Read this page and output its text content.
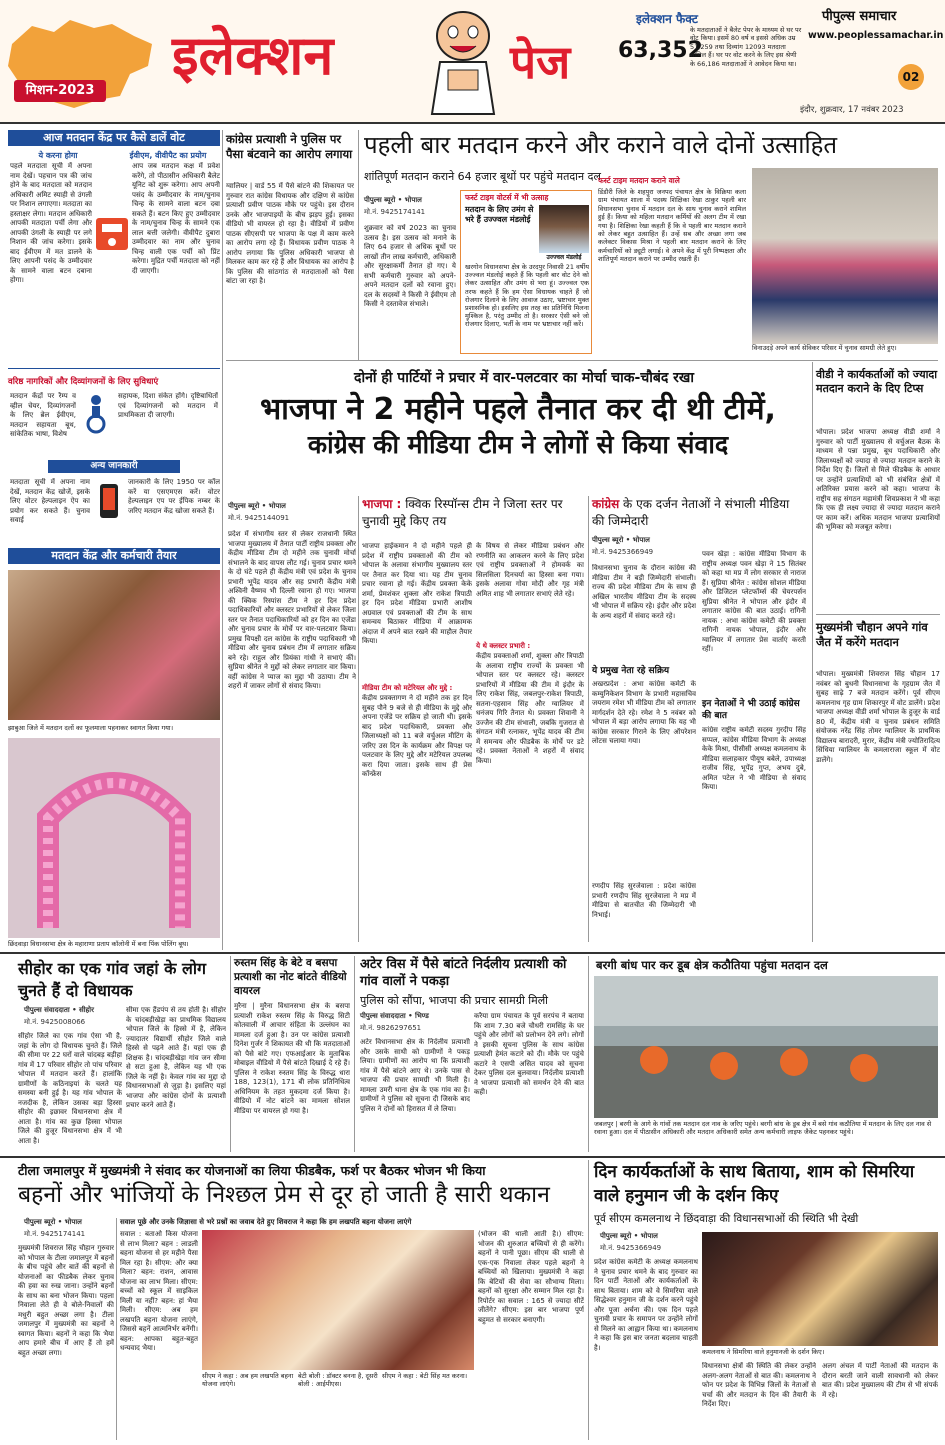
मिशन-2023
इलेक्शन	पेज
इलेक्शन फैक्ट
63,352
के मतदाताओं ने बैलेट पेपर के माध्यम से घर पर वोट किया। इसमें 80 वर्ष व इससे अधिक उम्र 51,259 तथा दिव्यांग 12093 मतदाता शामिल हैं। घर पर वोट करने के लिए इस श्रेणी के 66,186 मतदाताओं ने आवेदन किया था।
पीपुल्स समाचार
www.peoplessamachar.in
02
इंदौर, शुक्रवार, 17 नवंबर 2023
आज मतदान केंद्र पर कैसे डालें वोट
ये करना होगा	ईवीएम, वीवीपैट का प्रयोग
पहले मतदाता सूची में अपना नाम देखें। पहचान पत्र की जांच होने के बाद मतदाता को मतदान अधिकारी अमिट स्याही से उंगली पर निशान लगाएगा। मतदाता का हस्ताक्षर लेगा। मतदान अधिकारी आपकी मतदाता पर्ची लेगा और आपकी उंगली के स्याही पर लगे निशान की जांच करेगा। इसके बाद ईवीएम में मत डालने के लिए आपनी पसंद के उम्मीदवार के सामने वाला बटन दबाना होगा।
आप जब मतदान कक्ष में प्रवेश करेंगे, तो पीठासीन अधिकारी बैलेट यूनिट को शुरू करेगा। आप अपनी पसंद के उम्मीदवार के नाम/चुनाव चिन्ह के सामने वाला बटन दबा सकते हैं। बटन किए हुए उम्मीदवार के नाम/चुनाव चिन्ह के सामने एक लाल बत्ती जलेगी। वीवीपैट दुबारा उम्मीदवार का नाम और चुनाव चिन्ह वाली एक पर्ची को प्रिंट करेगा। मुद्रित पर्ची मतदाता को नहीं दी जाएगी।
वरिष्ठ नागरिकों और दिव्यांगजनों के लिए सुविधाएं
मतदान केंद्रों पर रैम्प व व्हील चेयर, दिव्यांगजनों के लिए ब्रेल ईवीएम, मतदान सहायता बूथ, सांकेतिक भाषा, विशेष
सहायक, दिशा संकेत होंगे। दृष्टिबाधितों एवं दिव्यांगजनों को मतदान में प्राथमिकता दी जाएगी।
अन्य जानकारी
मतदाता सूची में अपना नाम देखें, मतदान केंद्र खोजें, इसके लिए वोटर हेल्पलाइन ऐप का प्रयोग कर सकते हैं। चुनाव सवाई
जानकारी के लिए 1950 पर कॉल करें या एसएमएस करें। वोटर हेल्पलाइन एप पर ईपिक नम्बर के जरिए मतदान केंद्र खोजा सकते हैं।
मतदान केंद्र और कर्मचारी तैयार
झाबुआ जिले में मतदान दलों का फूलमाला पहनाकर स्वागत किया गया।
छिंदवाड़ा विधानसभा क्षेत्र के महाराणा प्रताप कॉलोनी में बना पिंक पोलिंग बूथ।
कांग्रेस प्रत्याशी ने पुलिस पर पैसा बंटवाने का आरोप लगाया
ग्वालियर | वार्ड 55 में पैसे बांटने की शिकायत पर गुरुवार रात कांग्रेस विधायक और दक्षिण से कांग्रेस प्रत्याशी प्रवीण पाठक मौके पर पहुंचे। इस दौरान उनके और भाजपाइयों के बीच झड़प हुई। इसका वीडियो भी वायरल हो रहा है। वीडियो में प्रवीण पाठक सीएसपी पर भाजपा के पक्ष में काम करने का आरोप लगा रहे हैं। विधायक प्रवीण पाठक ने आरोप लगाया कि पुलिस अधिकारी भाजपा से मिलकर काम कर रहे हैं और विधायक का आरोप है कि पुलिस की सांठगांठ से मतदाताओं को पैसा बांटा जा रहा है।
पहली बार मतदान करने और कराने वाले दोनों उत्साहित
शांतिपूर्ण मतदान कराने 64 हजार बूथों पर पहुंचे मतदान दल
पीपुल्स ब्यूरो • भोपाल
मो.नं. 9425174141
शुक्रवार को वर्ष 2023 का चुनाव उत्सव है। इस उत्सव को मनाने के लिए 64 हजार से अधिक बूथों पर लाखों तीन लाख कर्मचारी, अधिकारी और सुरक्षाकर्मी तैनात हो गए। ये सभी कर्मचारी गुरुवार को अपने-अपने मतदान दलों को रवाना हुए। दल के सदस्यों ने किसी ने ईवीएम तो किसी ने दस्तावेज संभाले।
फर्स्ट टाइम वोटर्स में भी उत्साह
मतदान के लिए उमंग से भरे हैं उज्ज्वल मंडलोई
उज्ज्वल मंडलोई
खरगोन विधानसभा क्षेत्र के उरदपुर निवासी 21 वर्षीय उज्ज्वल मंडलोई कहते हैं कि पहली बार वोट देने को लेकर उत्साहित और उमंग से भरा हूं। उज्ज्वल एक तरफ कहते हैं कि हम ऐसा विधायक चाहते हैं जो रोजगार दिलाने के लिए आवाज उठाए, भ्रष्टाचार मुक्त प्रशासनिक हो। इसलिए इस तरह का प्रतिनिधि मिलना मुश्किल है, परंतु उम्मीद तो है। सरकार ऐसी बने जो रोजगार दिलाए, भर्ती के नाम पर भ्रष्टाचार नहीं करें।
फर्स्ट टाइम मतदान कराने वाले
डिंडौरी जिले के शहपुरा जनपद पंचायत क्षेत्र के विक्रिया कला ग्राम पंचायत शाला में पदस्थ शिक्षिका रेखा ठाकुर पहली बार विधानसभा चुनाव में मतदान दल के साथ चुनाव कराने शामिल हुई हैं। किया को महिला मतदान कर्मियों की अलग टीम में रखा गया है। शिक्षिका रेखा कहती हैं कि वे पहली बार मतदान कराने को लेकर बहुत उत्साहित हैं। उन्हें सब और अच्छा लगा जब कलेक्टर विकास मिश्रा ने पहली बार मतदान कराने के लिए कर्मचारियों को ड्यूटी लगाई। वे अपने केंद्र में पूरी निष्पक्षता और शांतिपूर्ण मतदान कराने पर उम्मीद रखती हैं।
विनाउदड़े अपने कार्य सेविकर परिसर में चुनाव सामग्री लेते हुए।
दोनों ही पार्टियों ने प्रचार में वार-पलटवार का मोर्चा चाक-चौबंद रखा
भाजपा ने 2 महीने पहले तैनात कर दी थी टीमें,
कांग्रेस की मीडिया टीम ने लोगों से किया संवाद
पीपुल्स ब्यूरो • भोपाल
मो.नं. 9425144091
भाजपा : क्विक रिस्पॉन्स टीम ने जिला स्तर पर चुनावी मुद्दे किए तय
कांग्रेस के एक दर्जन नेताओं ने संभाली मीडिया की जिम्मेदारी
पीपुल्स ब्यूरो • भोपाल
मो.नं. 9425366949
प्रदेश में संभागीय स्तर से लेकर राजधानी स्थित भाजपा मुख्यालय में तैनात पार्टी राष्ट्रीय प्रवक्ता और केंद्रीय मीडिया टीम दो महीने तक चुनावी मोर्चा संभालने के बाद वापस लौट गई। चुनाव प्रचार थमने के दो घंटे पहले ही केंद्रीय मंत्री एवं प्रदेश के चुनाव प्रभारी भूपेंद्र यादव और सह प्रभारी केंद्रीय मंत्री अश्विनी वैष्णव भी दिल्ली रवाना हो गए। भाजपा की क्विक रिस्पांस टीम ने हर दिन प्रदेश पदाधिकारियों और क्लस्टर प्रभारियों से लेकर जिला स्तर पर तैनात पदाधिकारियों को हर दिन का एजेंडा और चुनाव प्रचार के मोर्चे पर वार-पलटवार किया। प्रमुख विपक्षी दल कांग्रेस के राष्ट्रीय पदाधिकारी भी मीडिया और चुनाव प्रबंधन टीम में लगातार सक्रिय बने रहे। राहुल और प्रियंका गांधी ने सभाएं कीं। सुप्रिया श्रीनेत ने मुद्दों को लेकर लगातार वार किया। वहीं कांग्रेस ने प्याज का मुद्दा भी उठाया। टीम ने शहरों में जाकर लोगों से संवाद किया।
भाजपा हाईकमान ने दो महीने पहले ही प्रदेश में राष्ट्रीय प्रवक्ताओं की टीम को भोपाल के अलावा संभागीय मुख्यालय स्तर पर तैनात कर दिया था। यह टीम चुनाव प्रचार रवाना हो गई। केंद्रीय प्रवक्ता केके शर्मा, प्रेमशंकर शुक्ला और राकेश त्रिपाठी हर दिन प्रदेश मीडिया प्रभारी आशीष अग्रवाल एवं प्रवक्ताओं की टीम के साथ समन्वय बिठाकर मीडिया में आक्रामक अंदाज में अपने बात रखने की माहौल तैयार किया।
मीडिया टीम को मटेरियल और मुद्दे :
केंद्रीय प्रवक्तागण ने दो महीने तक हर दिन सुबह पौने 9 बजे से ही मीडिया के मुद्दे और अपना एजेंडे पर सक्रिय हो जाती थी। इसके बाद प्रदेश पदाधिकारी, प्रवक्ता और जिलाध्यक्षों को 11 बजे वर्चुअल मीटिंग के जरिए उस दिन के कार्यक्रम और विपक्ष पर पलटवार के लिए मुद्दे और मटेरियल उपलब्ध करा दिया जाता। इसके साथ ही प्रेस कॉन्फ्रेंस
के विषय से लेकर मीडिया प्रबंधन और रणनीति का आकलन करने के लिए प्रदेश एवं राष्ट्रीय प्रवक्ताओं ने होमवर्क का सिलसिला दिनचर्या का हिस्सा बना गया। इसके अलावा गोवा मोदी और गृह मंत्री अमित शाह भी लगातार सभाएं लेते रहे।
ये थे क्लस्टर प्रभारी :
केंद्रीय प्रवक्ताओं शर्मा, शुक्ला और त्रिपाठी के अलावा राष्ट्रीय राज्यों के प्रवक्ता भी भोपाल स्तर पर क्लस्टर रहे। क्लस्टर प्रभारियों में मीडिया की टीम में इंदौर के लिए राकेश सिंह, जबलपुर-राकेश त्रिपाठी, सतना-एहसान सिंह और ग्वालियर में धनंजय गिरि तैनात थे। प्रवक्ता शिवानी ने उज्जैन की टीम संभाली, जबकि गुजरात से संगठन मंत्री रत्नाकर, भूपेंद्र यादव की टीम में समन्वय और फीडबैक के मोर्चे पर डटे रहे। प्रवक्ता नेताओं ने शहरों में संवाद किया।
विधानसभा चुनाव के दौरान कांग्रेस की मीडिया टीम ने बड़ी जिम्मेदारी संभाली। राज्य की प्रदेश मीडिया टीम के साथ ही अखिल भारतीय मीडिया टीम के सदस्य भी भोपाल में सक्रिय रहे। इंदौर और प्रदेश के अन्य शहरों में संवाद करते रहे।
ये प्रमुख नेता रहे सक्रिय
अखरप्रदेश : अभा कांग्रेस कमेटी के कम्युनिकेशन विभाग के प्रभारी महासचिव जयराम रमेश भी मीडिया टीम को लगातार मार्गदर्शन देते रहे। रमेश ने 5 नवंबर को भोपाल में बड़ा आरोप लगाया कि यह भी कांग्रेस सरकार गिराने के लिए ऑपरेशन लोटस चलाया गया।
रणदीप सिंह सुरजेवाला : प्रदेश कांग्रेस प्रभारी रणदीप सिंह सुरजेवाला ने मप्र में मीडिया से बातचीत की जिम्मेदारी भी निभाई।
पवन खेड़ा : कांग्रेस मीडिया विभाग के राष्ट्रीय अध्यक्ष पवन खेड़ा ने 15 सितंबर को कहा था मप्र में लोग सरकार से नाराज हैं। सुप्रिया श्रीनेत : कांग्रेस सोशल मीडिया और डिजिटल प्लेटफॉर्म्स की चेयरपर्सन सुप्रिया श्रीनेत ने भोपाल और इंदौर में लगातार कांग्रेस की बात उठाई। रागिनी नायक : अभा कांग्रेस कमेटी की प्रवक्ता रागिनी नायक भोपाल, इंदौर और ग्वालियर में लगातार प्रेस वार्ताएं करती रहीं।
इन नेताओं ने भी उठाई कांग्रेस की बात
कांग्रेस राष्ट्रीय कमेटी सदस्य गुरदीप सिंह सप्पल, कांग्रेस मीडिया विभाग के अध्यक्ष केके मिश्रा, पीसीसी अध्यक्ष कमलनाथ के मीडिया सलाहकार पीयूष बबेले, उपाध्यक्ष राजीव सिंह, भूपेंद्र गुप्त, अभय दुबे, अमित पटेल ने भी मीडिया से संवाद किया।
वीडी ने कार्यकर्ताओं को ज्यादा मतदान कराने के दिए टिप्स
भोपाल। प्रदेश भाजपा अध्यक्ष वीडी शर्मा ने गुरुवार को पार्टी मुख्यालय से वर्चुअल बैठक के माध्यम से पन्ना प्रमुख, बूथ पदाधिकारी और जिलाध्यक्षों को ज्यादा से ज्यादा मतदान कराने के निर्देश दिए हैं। जिलों से मिले फीडबैक के आधार पर उन्होंने प्रत्याशियों को भी संबंधित क्षेत्रों में अतिरिक्त प्रयास करने को कहा। भाजपा के राष्ट्रीय सह संगठन महामंत्री शिवप्रकाश ने भी कहा कि एक ही लक्ष्य ज्यादा से ज्यादा मतदान कराने पर काम करें। अधिक मतदान भाजपा प्रत्याशियों की भूमिका को मजबूत करेगा।
मुख्यमंत्री चौहान अपने गांव जैत में करेंगे मतदान
भोपाल। मुख्यमंत्री शिवराज सिंह चौहान 17 नवंबर को बुधनी विधानसभा के गृहग्राम जैत में सुबह साढ़े 7 बजे मतदान करेंगे। पूर्व सीएम कमलनाथ गृह ग्राम शिकारपुर में वोट डालेंगे। प्रदेश भाजपा अध्यक्ष वीडी शर्मा भोपाल के हुजूर के वार्ड 80 में, केंद्रीय मंत्री व चुनाव प्रबंधन समिति संयोजक नरेंद्र सिंह तोमर ग्वालियर के प्राथमिक विद्यालय बारादरी, मुरार, केंद्रीय मंत्री ज्योतिरादित्य सिंधिया ग्वालियर के कमलाराजा स्कूल में वोट डालेंगे।
सीहोर का एक गांव जहां के लोग चुनते हैं दो विधायक
पीपुल्स संवाददाता • सीहोर
मो.नं. 9425008066
सीहोर जिले का एक गांव ऐसा भी है, जहां के लोग दो विधायक चुनते हैं। जिले की सीमा पर 22 घरों वाले चांदबड़ बड़ीहा गांव में 17 परिवार सीहोर तो पांच परिवार भोपाल में मतदान करते हैं। हालांकि ग्रामीणों के कठिनाइयां के चलते यह समस्या बनी हुई है। यह गांव भोपाल के नजदीक है, लेकिन उसका बड़ा हिस्सा सीहोर की इछावर विधानसभा क्षेत्र में आता है। गांव का कुछ हिस्सा भोपाल जिले की हुजूर विधानसभा क्षेत्र में भी आता है।
सीमा एक हैंडपंप से तय होती है। सीहोर के चांदबड़ीखेड़ा का प्राथमिक विद्यालय भोपाल जिले के हिस्से में है, लेकिन ज्यादातर विद्यार्थी सीहोर जिले वाले हिस्से से पढ़ने आते हैं। यहां एक ही शिक्षक है। चांदबड़ीखेड़ा गांव जन सीमा से सटा हुआ है, लेकिन यह भी एक जिले के नहीं है। केवल गांव का मुद्दा दो विधानसभाओं से जुड़ा है। इसलिए यहां भाजपा और कांग्रेस दोनों के प्रत्याशी प्रचार करने आते हैं।
रुस्तम सिंह के बेटे व बसपा प्रत्याशी का नोट बांटते वीडियो वायरल
मुरैना | मुरैना विधानसभा क्षेत्र के बसपा प्रत्याशी राकेश रुस्तम सिंह के विरुद्ध सिटी कोतवाली में आचार संहिता के उल्लंघन का मामला दर्ज हुआ है। उन पर कांग्रेस प्रत्याशी दिनेश गुर्जर ने शिकायत की थी कि मतदाताओं को पैसे बांटे गए। एफआईआर के मुताबिक मोबाइल वीडियो में पैसे बांटते दिखाई दे रहे हैं। पुलिस ने राकेश रुस्तम सिंह के विरुद्ध धारा 188, 123(1), 171 बी लोक प्रतिनिधित्व अधिनियम के तहत मुकदमा दर्ज किया है। वीडियो में नोट बांटने का मामला सोशल मीडिया पर वायरल हो गया है।
अटेर विस में पैसे बांटते निर्दलीय प्रत्याशी को गांव वालों ने पकड़ा
पुलिस को सौंपा, भाजपा की प्रचार सामग्री मिली
पीपुल्स संवाददाता • भिण्ड
मो.नं. 9826297651
अटेर विधानसभा क्षेत्र के निर्दलीय प्रत्याशी और उसके साथी को ग्रामीणों ने पकड़ लिया। ग्रामीणों का आरोप था कि प्रत्याशी गांव में पैसे बांटने आए थे। उनके पास से भाजपा की प्रचार सामग्री भी मिली है। मामला उमरी थाना क्षेत्र के एक गांव का है। ग्रामीणों ने पुलिस को सूचना दी जिसके बाद पुलिस ने दोनों को हिरासत में ले लिया।
करैया ग्राम पंचायत के पूर्व सरपंच ने बताया कि शाम 7.30 बजे चौधरी रामसिंह के घर पहुंचे और लोगों को प्रलोभन देने लगे। लोगों ने इसकी सूचना पुलिस के साथ कांग्रेस प्रत्याशी हेमंत कटारे को दी। मौके पर पहुंचे कटारे ने एसपी असित यादव को सूचना देकर पुलिस दल बुलवाया। निर्दलीय प्रत्याशी ने भाजपा प्रत्याशी को समर्थन देने की बात कही।
बरगी बांध पार कर डूब क्षेत्र कठौतिया पहुंचा मतदान दल
जबलपुर | बरगी के आगे के गांवों तक मतदान दल नाव के जरिए पहुंचे। बरगी बांध के डूब क्षेत्र में बसे गांव कठौतिया में मतदान के लिए दल नाव से रवाना हुआ। दल में पीठासीन अधिकारी और मतदान अधिकारी समेत अन्य कर्मचारी लाइफ जैकेट पहनकर पहुंचे।
टीला जमालपुर में मुख्यमंत्री ने संवाद कर योजनाओं का लिया फीडबैक, फर्श पर बैठकर भोजन भी किया
बहनों और भांजियों के निश्छल प्रेम से दूर हो जाती है सारी थकान
पीपुल्स ब्यूरो • भोपाल
मो.नं. 9425174141
मुख्यमंत्री शिवराज सिंह चौहान गुरुवार को भोपाल के टीला जमालपुर में बहनों के बीच पहुंचे और बातें कीं बहनों से योजनाओं का फीडबैक लेकर चुनाव की हवा का रुख जाना। उन्होंने बहनों के साथ का बना भोजन किया। पहला निवाला लेते ही वे बोले-निवालों की मधुरी बहुत अच्छा लगा है। टीला जमालपुर में मुख्यमंत्री का बहनों ने स्वागत किया। बहनों ने कहा कि भैया आप हमारे बीच में आए हैं तो हमें बहुत अच्छा लगा।
सवाल पूछे और उनके जिज्ञासा से भरे प्रश्नों का जवाब देते हुए शिवराज ने कहा कि हम लखपति बहना योजना लाएंगे
सवाल : बताओ किस योजना से लाभ मिला? बहन : लाडली बहना योजना से हर महीने पैसा मिल रहा है। सीएम: और क्या मिला? बहन: राशन, आवास योजना का लाभ मिला। सीएम: बच्चों को स्कूल में साइकिल मिली या नहीं? बहन: हां भैया मिली। सीएम: अब हम लखपति बहना योजना लाएंगे, जिससे बहनें आत्मनिर्भर बनेंगी। बहन: आपका बहुत-बहुत धन्यवाद भैया।
सीएम ने कहा : अब हम लखपति बहना योजना लाएंगे।
बेटी बोली : डॉक्टर बनना है, दूसरी बोली : आईपीएस।
सीएम ने कहा : बेटी सिंह मत करना।
(भोजन की थाली आती है।) सीएम: भोजन की शुरुआत बच्चियों से ही करेंगे। बहनों ने पानी पूछा। सीएम की थाली से एक-एक निवाला लेकर पहले बहनों ने बच्चियों को खिलाया। मुख्यमंत्री ने कहा कि बेटियों की सेवा का सौभाग्य मिला। बहनों को सुरक्षा और सम्मान मिल रहा है। रिपोर्टर का सवाल : 165 से ज्यादा सीटें जीतेंगे? सीएम: इस बार भाजपा पूर्ण बहुमत से सरकार बनाएगी।
दिन कार्यकर्ताओं के साथ बिताया, शाम को सिमरिया वाले हनुमान जी के दर्शन किए
पूर्व सीएम कमलनाथ ने छिंदवाड़ा की विधानसभाओं की स्थिति भी देखी
पीपुल्स ब्यूरो • भोपाल
मो.नं. 9425366949
प्रदेश कांग्रेस कमेटी के अध्यक्ष कमलनाथ ने चुनाव प्रचार थमने के बाद गुरुवार का दिन पार्टी नेताओं और कार्यकर्ताओं के साथ बिताया। शाम को वे सिमरिया वाले सिद्धेश्वर हनुमान जी के दर्शन करने पहुंचे और पूजा अर्चना की। एक दिन पहले चुनावी प्रचार के समापन पर उन्होंने लोगों से मिलने का आह्वान किया था। कमलनाथ ने कहा कि इस बार जनता बदलाव चाहती है।
कमलनाथ ने सिमरिया वाले हनुमानजी के दर्शन किए।
विधानसभा क्षेत्रों की स्थिति की लेकर उन्होंने अलग-अलग नेताओं से बात की। कमलनाथ ने फोन पर प्रदेश के विभिन्न जिलों के नेताओं से चर्चा की और मतदान के दिन की तैयारी के निर्देश दिए।
अलग अंचल में पार्टी नेताओं की मतदान के दौरान बरती जाने वाली सावधानी को लेकर बात की। प्रदेश मुख्यालय की टीम से भी संपर्क में रहे।
